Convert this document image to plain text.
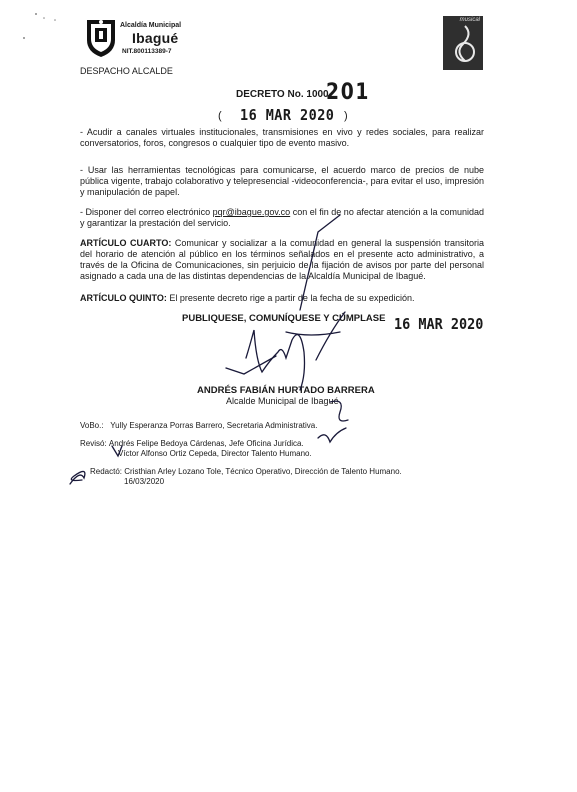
Alcaldía Municipal
Ibagué
NIT.800113389-7
DESPACHO ALCALDE
musical
DECRETO No. 1000-
201
( 16 MAR 2020 )
- Acudir a canales virtuales institucionales, transmisiones en vivo y redes sociales, para realizar conversatorios, foros, congresos o cualquier tipo de evento masivo.
- Usar las herramientas tecnológicas para comunicarse, el acuerdo marco de precios de nube pública vigente, trabajo colaborativo y telepresencial -videoconferencia-, para evitar el uso, impresión y manipulación de papel.
- Disponer del correo electrónico pqr@ibague.gov.co con el fin de no afectar atención a la comunidad y garantizar la prestación del servicio.
ARTÍCULO CUARTO: Comunicar y socializar a la comunidad en general la suspensión transitoria del horario de atención al público en los términos señalados en el presente acto administrativo, a través de la Oficina de Comunicaciones, sin perjuicio de la fijación de avisos por parte del personal asignado a cada una de las distintas dependencias de la Alcaldía Municipal de Ibagué.
ARTÍCULO QUINTO: El presente decreto rige a partir de la fecha de su expedición.
PUBLIQUESE, COMUNÍQUESE Y CÚMPLASE 16 MAR 2020
ANDRÉS FABIÁN HURTADO BARRERA
Alcalde Municipal de Ibagué
VoBo.: Yully Esperanza Porras Barrero, Secretaria Administrativa.
Revisó: Andrés Felipe Bedoya Cárdenas, Jefe Oficina Jurídica.
Víctor Alfonso Ortiz Cepeda, Director Talento Humano.
Redactó: Cristhian Arley Lozano Tole, Técnico Operativo, Dirección de Talento Humano.
16/03/2020
